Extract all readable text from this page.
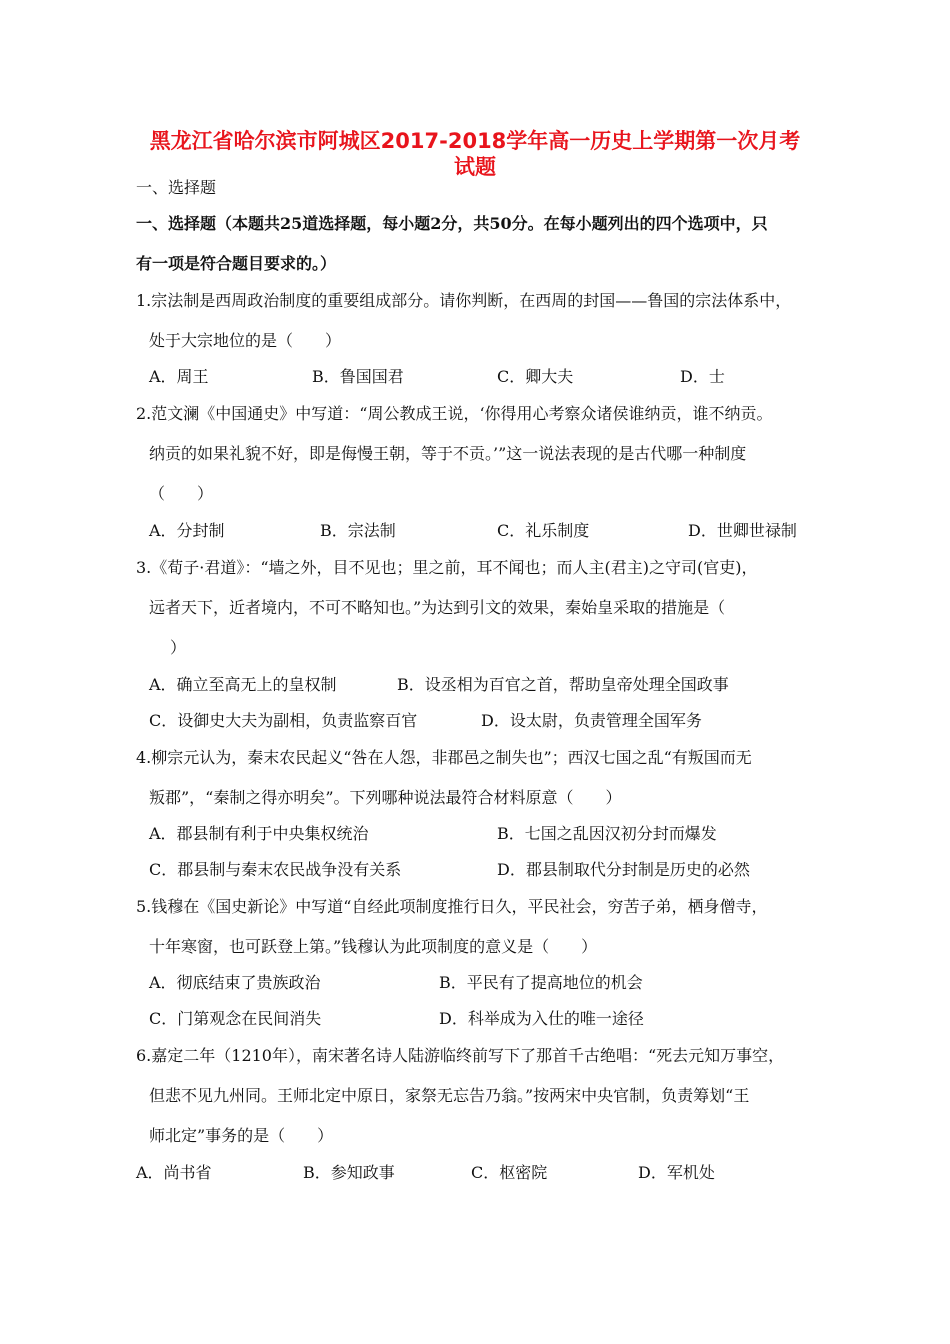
黑龙江省哈尔滨市阿城区2017-2018学年高一历史上学期第一次月考
试题
一、选择题
一、选择题（本题共25道选择题，每小题2分，共50分。在每小题列出的四个选项中，只
有一项是符合题目要求的。）
1.宗法制是西周政治制度的重要组成部分。请你判断，在西周的封国——鲁国的宗法体系中，
处于大宗地位的是（　　）
A．周王	B．鲁国国君	C．卿大夫	D．士
2.范文澜《中国通史》中写道：“周公教成王说，‘你得用心考察众诸侯谁纳贡，谁不纳贡。
纳贡的如果礼貌不好，即是侮慢王朝，等于不贡。’”这一说法表现的是古代哪一种制度
（　　）
A．分封制	B．宗法制	C．礼乐制度	D．世卿世禄制
3.《荀子·君道》：“墙之外，目不见也；里之前，耳不闻也；而人主(君主)之守司(官吏)，
远者天下，近者境内，不可不略知也。”为达到引文的效果，秦始皇采取的措施是（
）
A．确立至高无上的皇权制	B．设丞相为百官之首，帮助皇帝处理全国政事
C．设御史大夫为副相，负责监察百官	D．设太尉，负责管理全国军务
4.柳宗元认为，秦末农民起义“咎在人怨，非郡邑之制失也”；西汉七国之乱“有叛国而无
叛郡”，“秦制之得亦明矣”。下列哪种说法最符合材料原意（　　）
A．郡县制有利于中央集权统治	B．七国之乱因汉初分封而爆发
C．郡县制与秦末农民战争没有关系	D．郡县制取代分封制是历史的必然
5.钱穆在《国史新论》中写道“自经此项制度推行日久，平民社会，穷苦子弟，栖身僧寺，
十年寒窗，也可跃登上第。”钱穆认为此项制度的意义是（　　）
A．彻底结束了贵族政治	B．平民有了提高地位的机会
C．门第观念在民间消失	D．科举成为入仕的唯一途径
6.嘉定二年（1210年），南宋著名诗人陆游临终前写下了那首千古绝唱：“死去元知万事空，
但悲不见九州同。王师北定中原日，家祭无忘告乃翁。”按两宋中央官制，负责筹划“王
师北定”事务的是（　　）
A．尚书省	B．参知政事	C．枢密院	D．军机处
